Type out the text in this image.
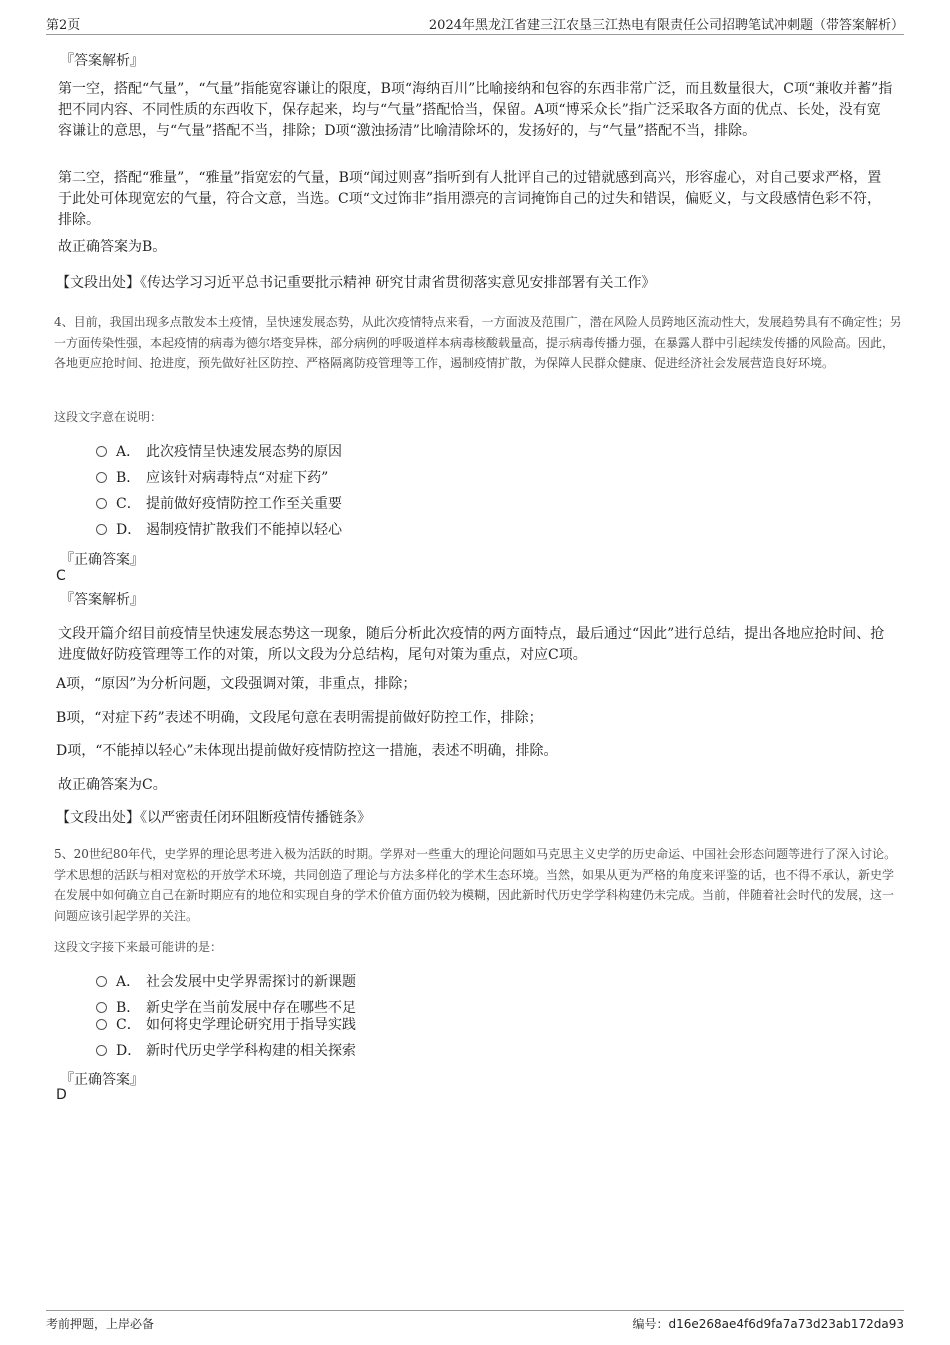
第2页	2024年黑龙江省建三江农垦三江热电有限责任公司招聘笔试冲刺题（带答案解析）
『答案解析』
第一空，搭配“气量”，“气量”指能宽容谦让的限度，B项“海纳百川”比喻接纳和包容的东西非常广泛，而且数量很大，C项“兼收并蓄”指把不同内容、不同性质的东西收下，保存起来，均与“气量”搭配恰当，保留。A项“博采众长”指广泛采取各方面的优点、长处，没有宽容谦让的意思，与“气量”搭配不当，排除；D项“激浊扬清”比喻清除坏的，发扬好的，与“气量”搭配不当，排除。
第二空，搭配“雅量”，“雅量”指宽宏的气量，B项“闻过则喜”指听到有人批评自己的过错就感到高兴，形容虚心，对自己要求严格，置于此处可体现宽宏的气量，符合文意，当选。C项“文过饰非”指用漂亮的言词掩饰自己的过失和错误，偏贬义，与文段感情色彩不符，排除。
故正确答案为B。
【文段出处】《传达学习习近平总书记重要批示精神 研究甘肃省贯彻落实意见安排部署有关工作》
4、目前，我国出现多点散发本土疫情，呈快速发展态势，从此次疫情特点来看，一方面波及范围广，潜在风险人员跨地区流动性大，发展趋势具有不确定性；另一方面传染性强，本起疫情的病毒为德尔塔变异株，部分病例的呼吸道样本病毒核酸载量高，提示病毒传播力强，在暴露人群中引起续发传播的风险高。因此，各地更应抢时间、抢进度，预先做好社区防控、严格隔离防疫管理等工作，遏制疫情扩散，为保障人民群众健康、促进经济社会发展营造良好环境。
这段文字意在说明：
A． 此次疫情呈快速发展态势的原因
B． 应该针对病毒特点“对症下药”
C． 提前做好疫情防控工作至关重要
D． 遏制疫情扩散我们不能掉以轻心
『正确答案』
C
『答案解析』
文段开篇介绍目前疫情呈快速发展态势这一现象，随后分析此次疫情的两方面特点，最后通过“因此”进行总结，提出各地应抢时间、抢进度做好防疫管理等工作的对策，所以文段为分总结构，尾句对策为重点，对应C项。
A项，“原因”为分析问题，文段强调对策，非重点，排除；
B项，“对症下药”表述不明确，文段尾句意在表明需提前做好防控工作，排除；
D项，“不能掉以轻心”未体现出提前做好疫情防控这一措施，表述不明确，排除。
故正确答案为C。
【文段出处】《以严密责任闭环阻断疫情传播链条》
5、20世纪80年代，史学界的理论思考进入极为活跃的时期。学界对一些重大的理论问题如马克思主义史学的历史命运、中国社会形态问题等进行了深入讨论。学术思想的活跃与相对宽松的开放学术环境，共同创造了理论与方法多样化的学术生态环境。当然，如果从更为严格的角度来评鉴的话，也不得不承认，新史学在发展中如何确立自己在新时期应有的地位和实现自身的学术价值方面仍较为模糊，因此新时代历史学学科构建仍未完成。当前，伴随着社会时代的发展，这一问题应该引起学界的关注。
这段文字接下来最可能讲的是：
A． 社会发展中史学界需探讨的新课题
B． 新史学在当前发展中存在哪些不足
C． 如何将史学理论研究用于指导实践
D． 新时代历史学学科构建的相关探索
『正确答案』
D
考前押题，上岸必备	编号：d16e268ae4f6d9fa7a73d23ab172da93
